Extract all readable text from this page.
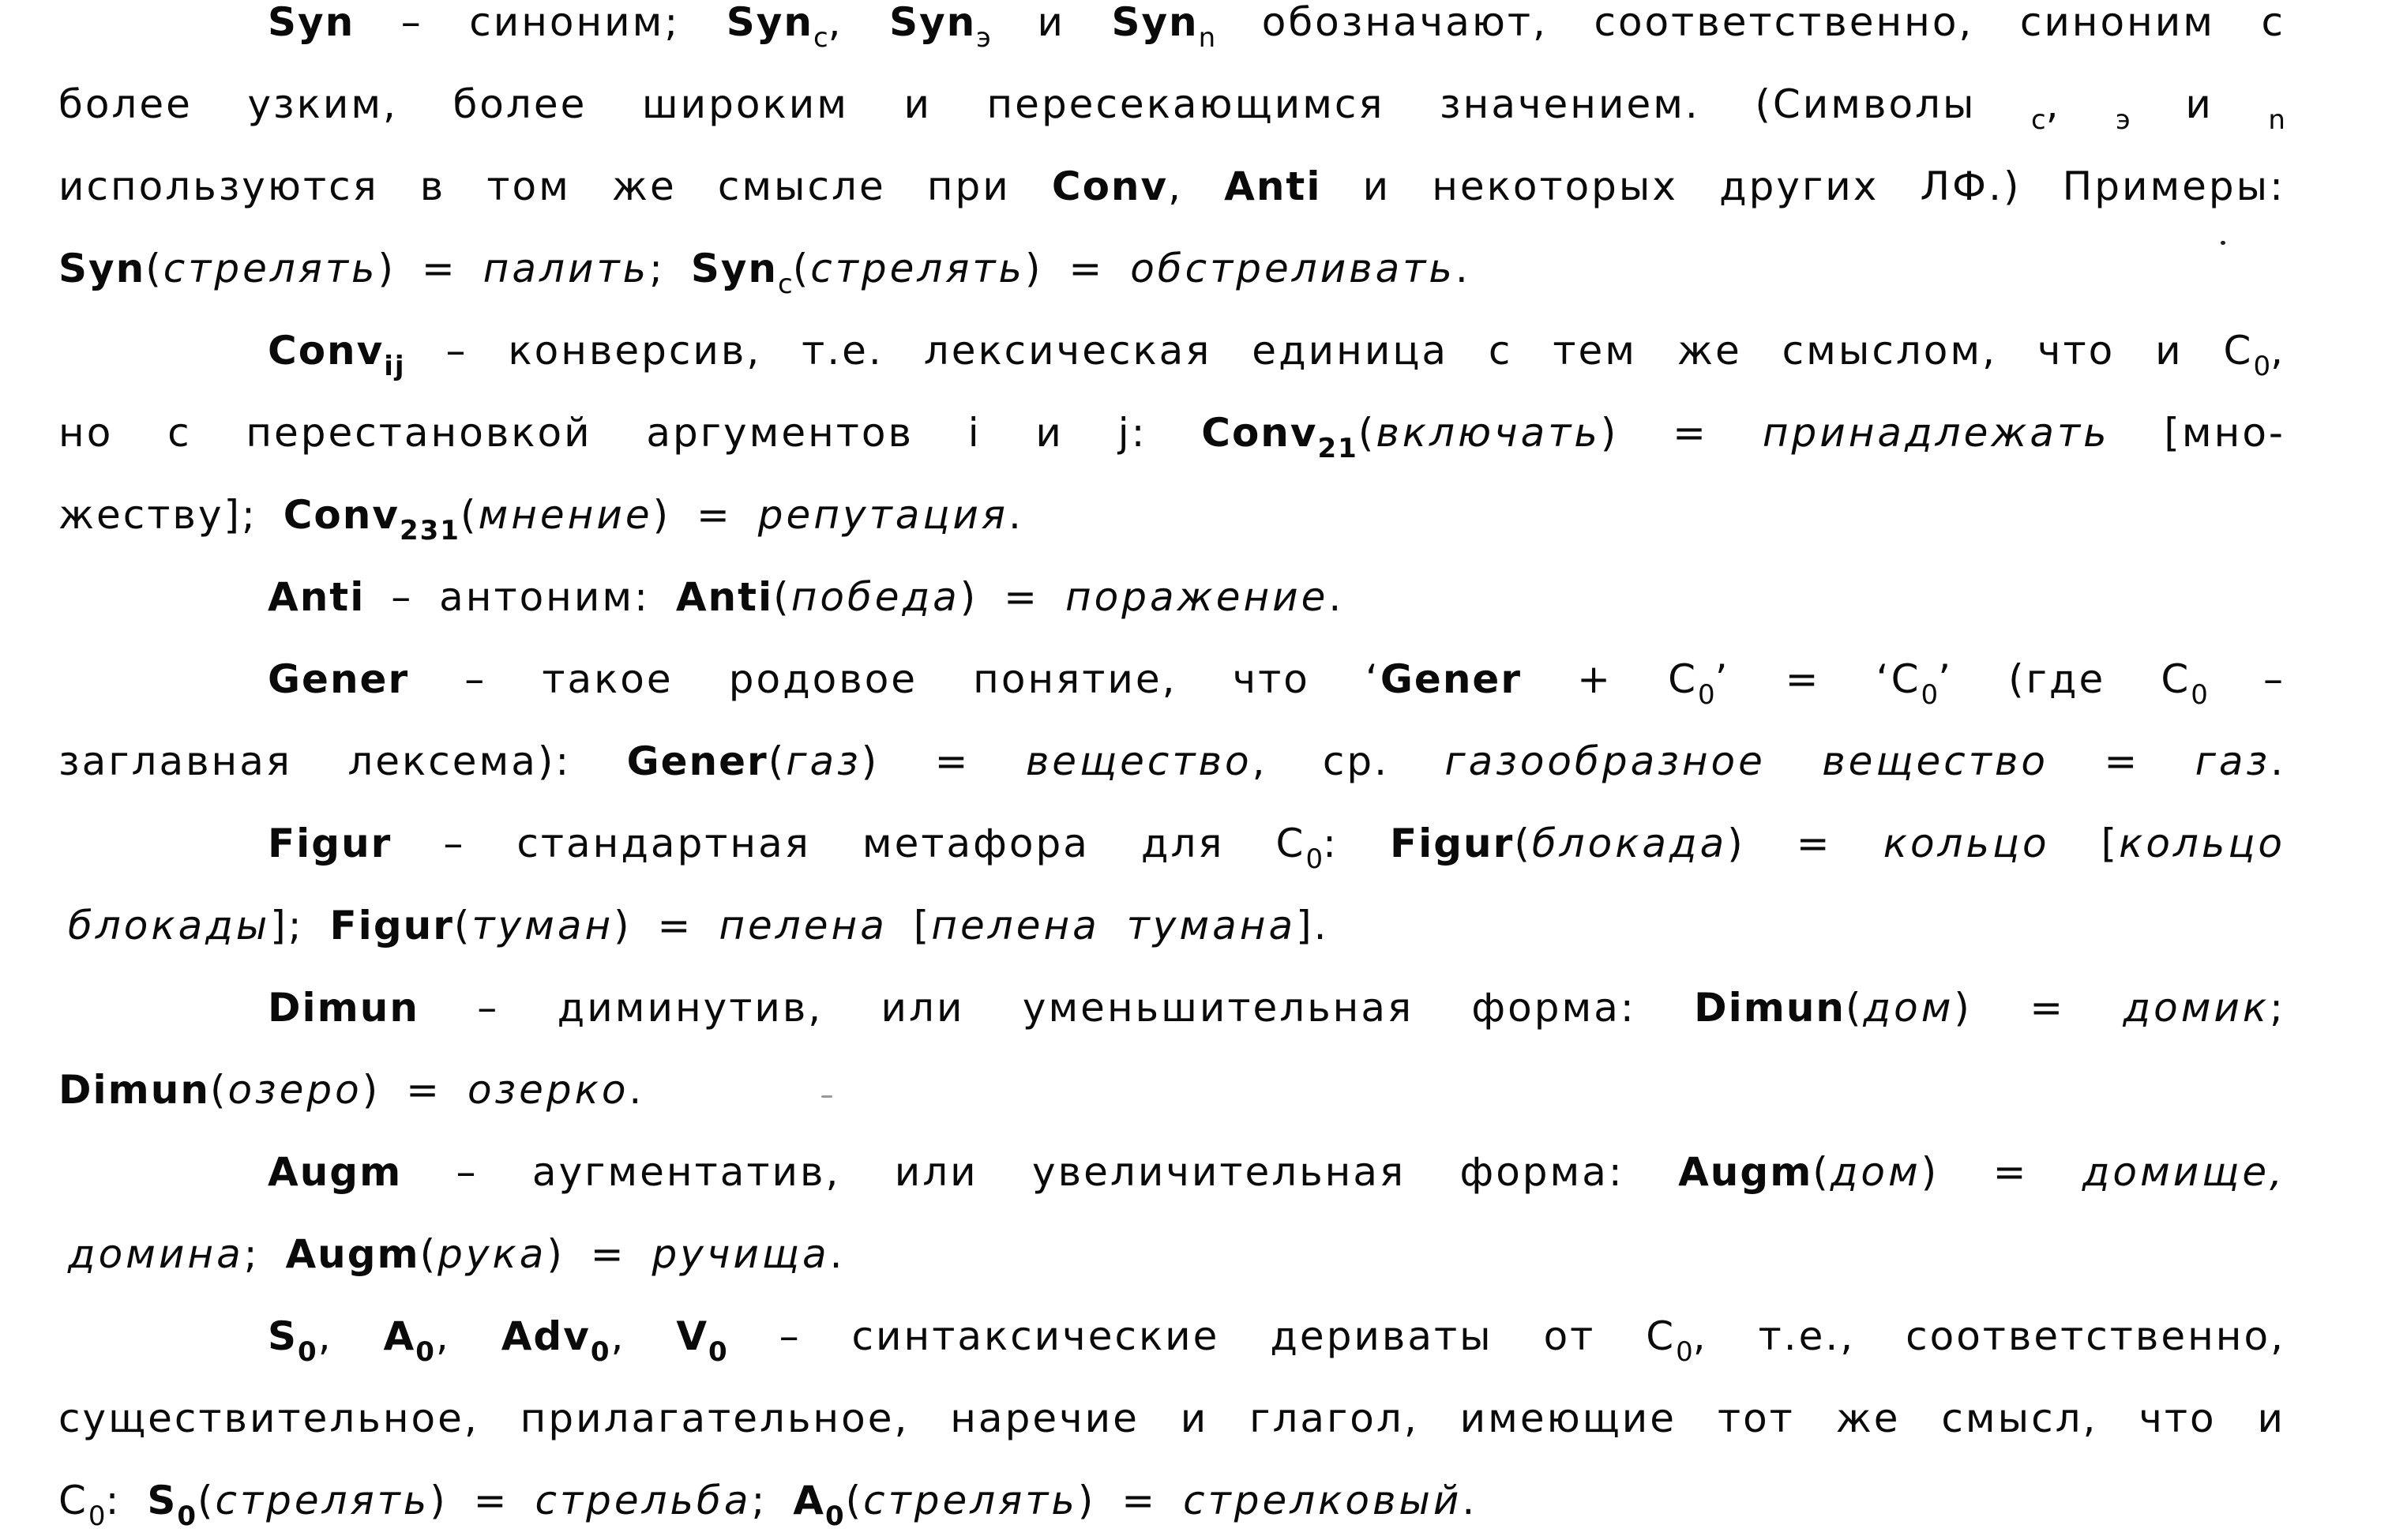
Syn – синоним; Syn$_с$, Syn$_э$ и Syn$_n$ обозначают, соответственно, синоним с
более узким, более широким и пересекающимся значением. (Символы $_с$, $_э$ и $_n$
используются в том же смысле при Conv, Anti и некоторых других ЛФ.) Примеры:
Syn(стрелять) = палить; Syn$_с$(стрелять) = обстреливать.
Conv$_{ij}$ – конверсив, т.е. лексическая единица с тем же смыслом, что и $С_0$,
но с перестановкой аргументов i и j: Conv$_{21}$(включать) = принадлежать [мно-
жеству]; Conv$_{231}$(мнение) = репутация.
Anti – антоним: Anti(победа) = поражение.
Gener – такое родовое понятие, что ‘Gener + $С_0$’ = ‘$С_0$’ (где $С_0$ –
заглавная лексема): Gener(газ) = вещество, ср. газообразное вещество = газ.
Figur – стандартная метафора для $С_0$: Figur(блокада) = кольцо [кольцо
блокады]; Figur(туман) = пелена [пелена тумана].
Dimun – диминутив, или уменьшительная форма: Dimun(дом) = домик;
Dimun(озеро) = озерко.
Augm – аугментатив, или увеличительная форма: Augm(дом) = домище,
домина; Augm(рука) = ручища.
$S_0$, $A_0$, Adv$_0$, $V_0$ – синтаксические дериваты от $С_0$, т.е., соответственно,
существительное, прилагательное, наречие и глагол, имеющие тот же смысл, что и
$С_0$: $S_0(стрелять)$ = стрельба; $A_0(стрелять)$ = стрелковый.
